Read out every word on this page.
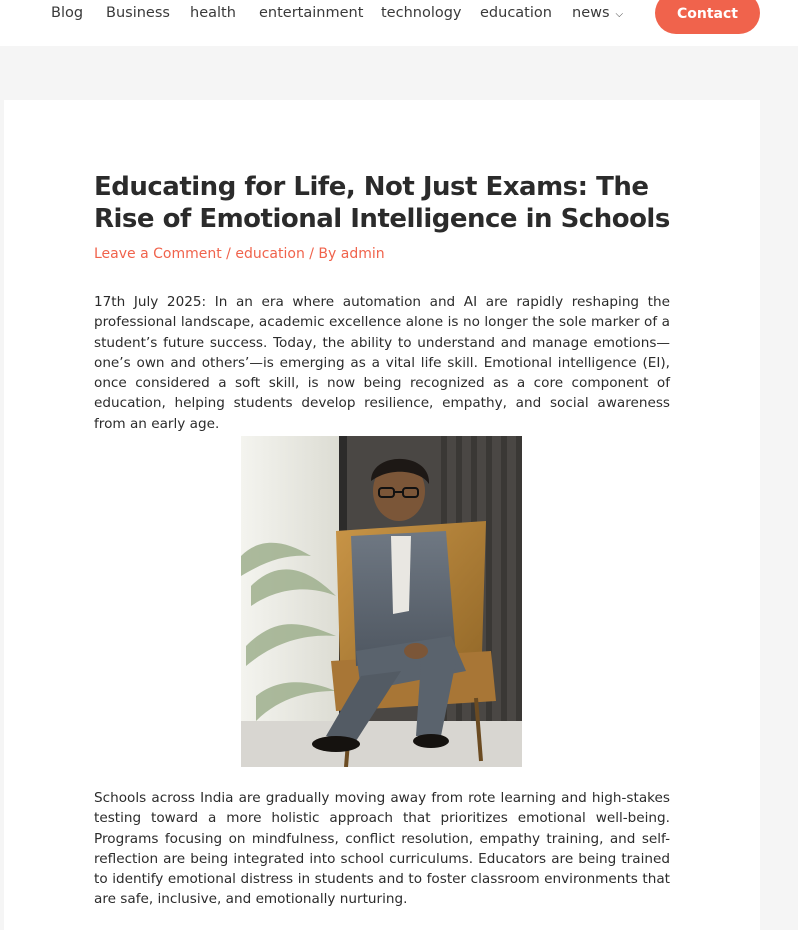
Blog Business health entertainment technology education news ⌵	Contact
Educating for Life, Not Just Exams: The Rise of Emotional Intelligence in Schools
Leave a Comment / education / By admin

17th July 2025: In an era where automation and AI are rapidly reshaping the professional landscape, academic excellence alone is no longer the sole marker of a student’s future success. Today, the ability to understand and manage emotions—one’s own and others’—is emerging as a vital life skill. Emotional intelligence (EI), once considered a soft skill, is now being recognized as a core component of education, helping students develop resilience, empathy, and social awareness from an early age.

Schools across India are gradually moving away from rote learning and high-stakes testing toward a more holistic approach that prioritizes emotional well-being. Programs focusing on mindfulness, conflict resolution, empathy training, and self-reflection are being integrated into school curriculums. Educators are being trained to identify emotional distress in students and to foster classroom environments that are safe, inclusive, and emotionally nurturing.
